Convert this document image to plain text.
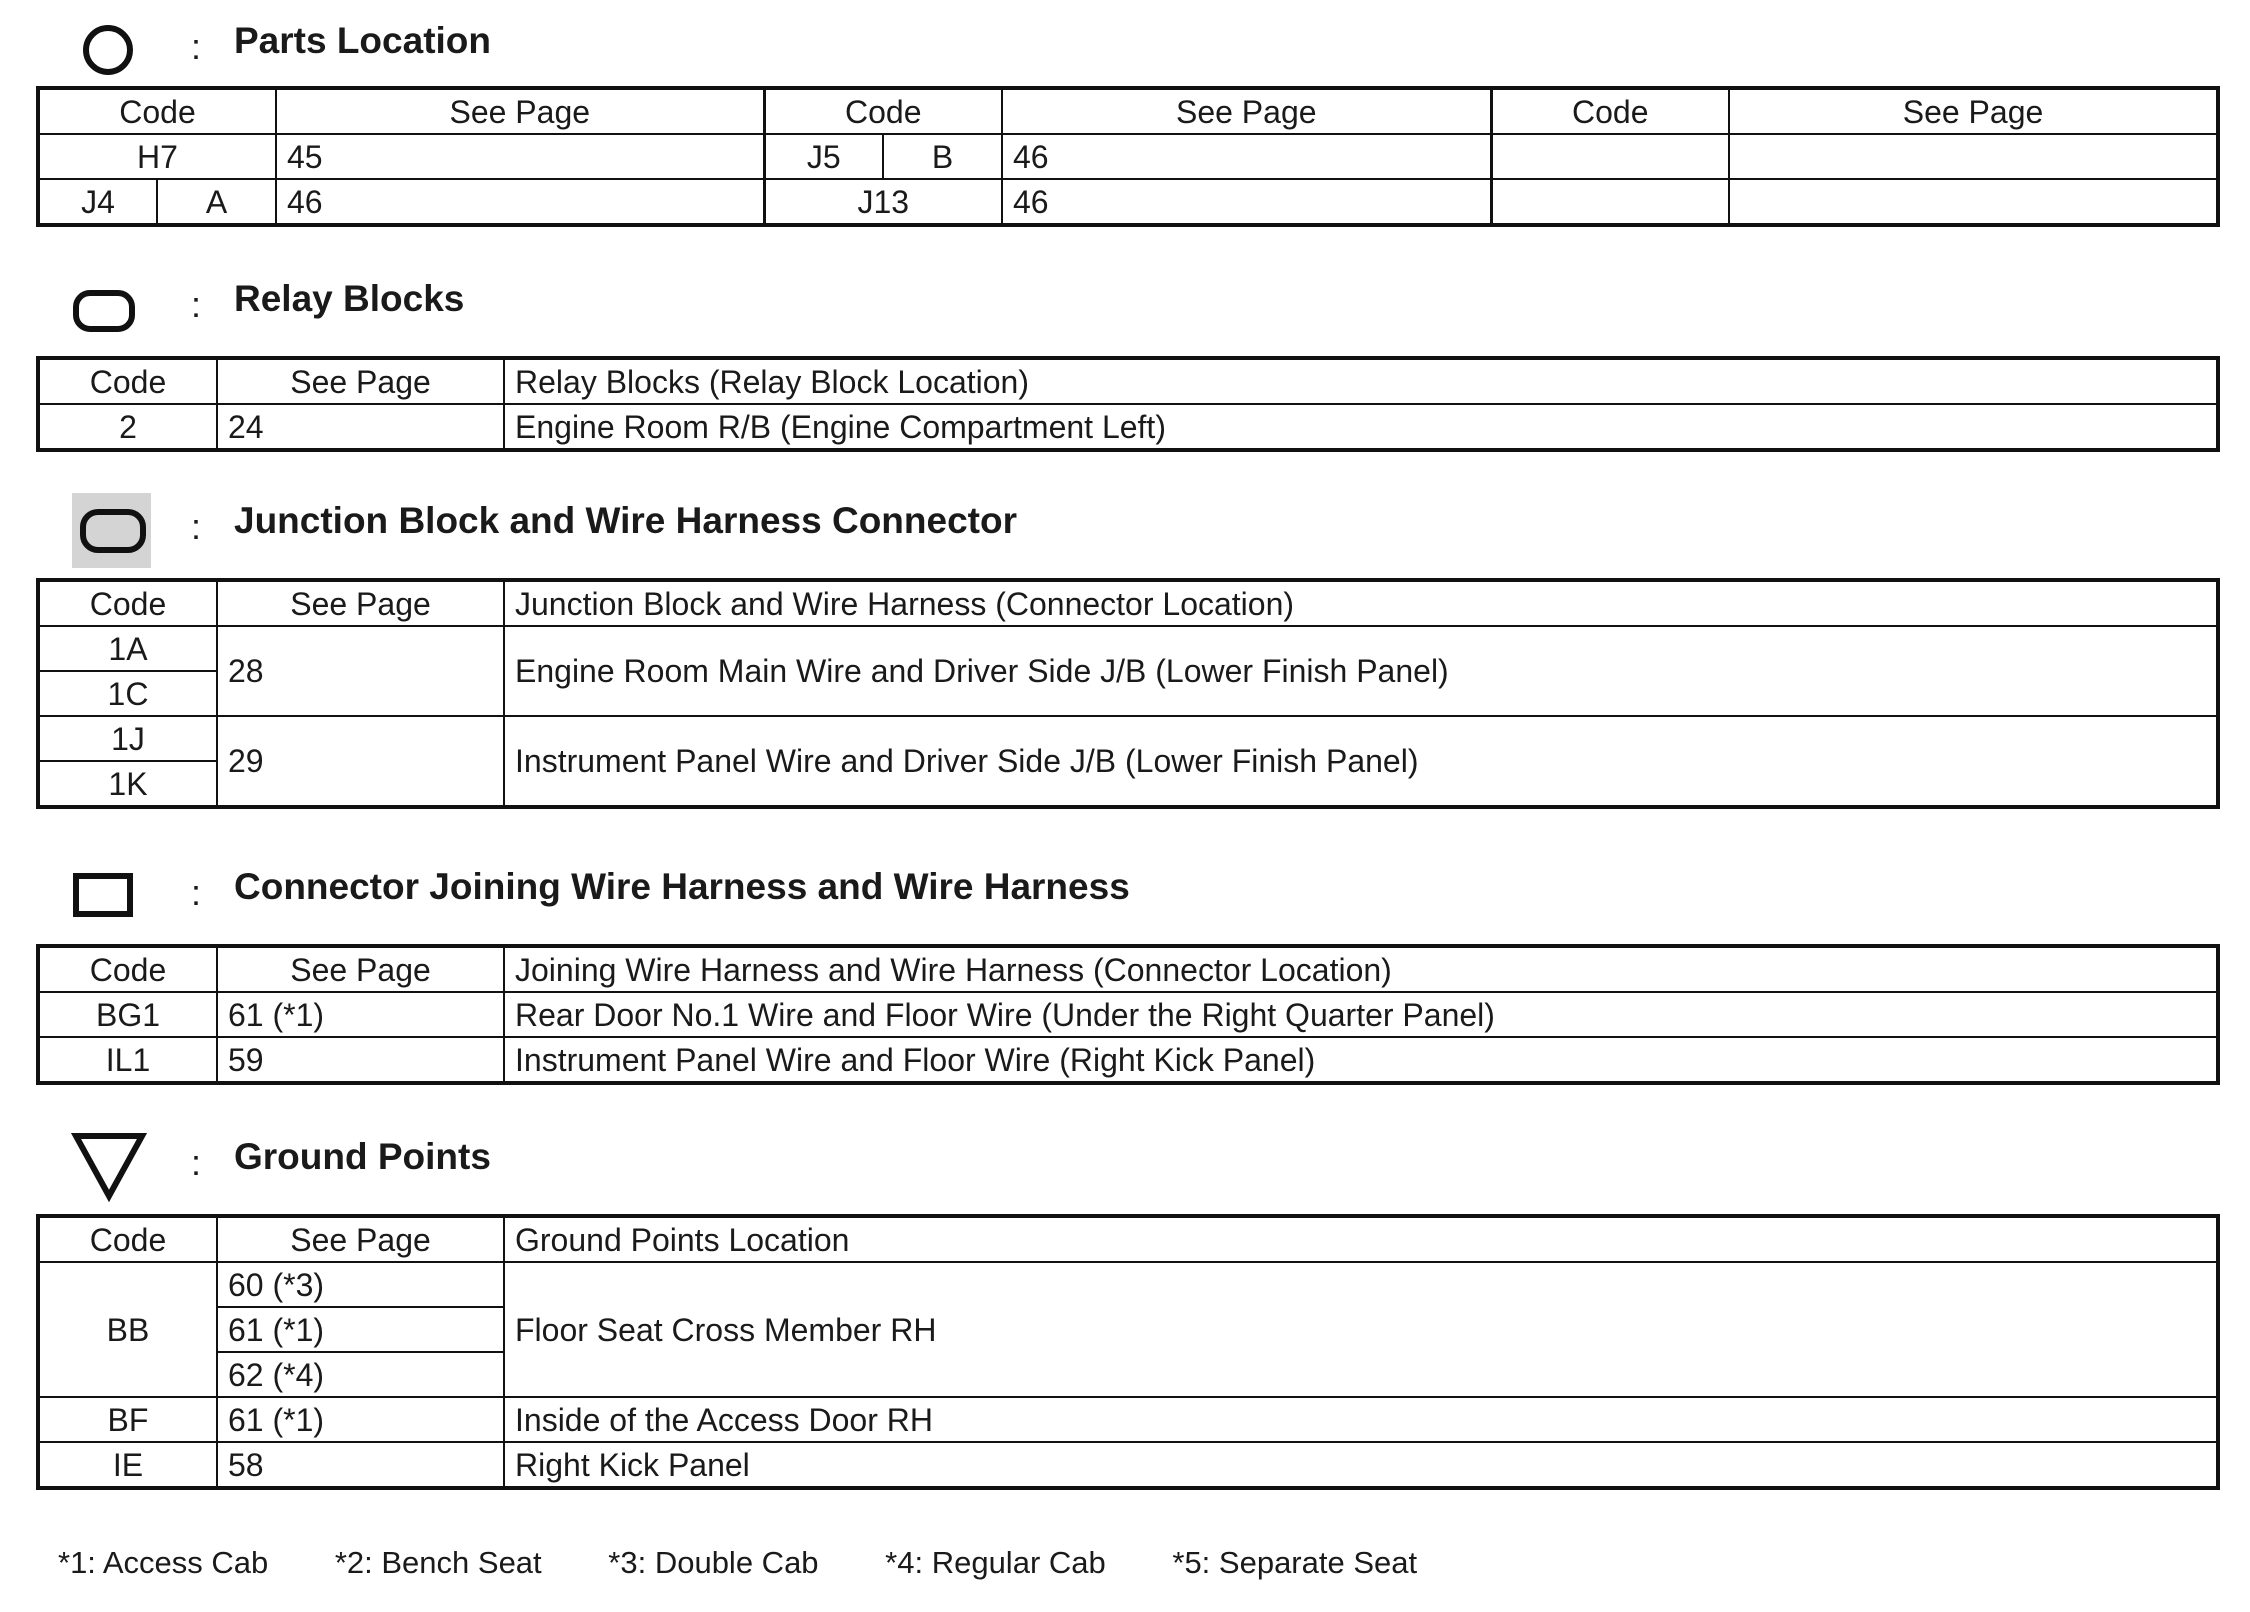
: Parts Location
Code		See Page	Code		See Page	Code	See Page
H7		45	J5	B	46		
J4	A	46	J13		46		
: Relay Blocks
Code	See Page	Relay Blocks (Relay Block Location)
2	24	Engine Room R/B (Engine Compartment Left)
: Junction Block and Wire Harness Connector
Code	See Page	Junction Block and Wire Harness (Connector Location)
1A	28	Engine Room Main Wire and Driver Side J/B (Lower Finish Panel)
1C		
1J	29	Instrument Panel Wire and Driver Side J/B (Lower Finish Panel)
1K		
: Connector Joining Wire Harness and Wire Harness
Code	See Page	Joining Wire Harness and Wire Harness (Connector Location)
BG1	61 (*1)	Rear Door No.1 Wire and Floor Wire (Under the Right Quarter Panel)
IL1	59	Instrument Panel Wire and Floor Wire (Right Kick Panel)
: Ground Points
Code	See Page	Ground Points Location
BB	60 (*3)	Floor Seat Cross Member RH
	61 (*1)	
	62 (*4)	
BF	61 (*1)	Inside of the Access Door RH
IE	58	Right Kick Panel
*1: Access Cab *2: Bench Seat *3: Double Cab *4: Regular Cab *5: Separate Seat
